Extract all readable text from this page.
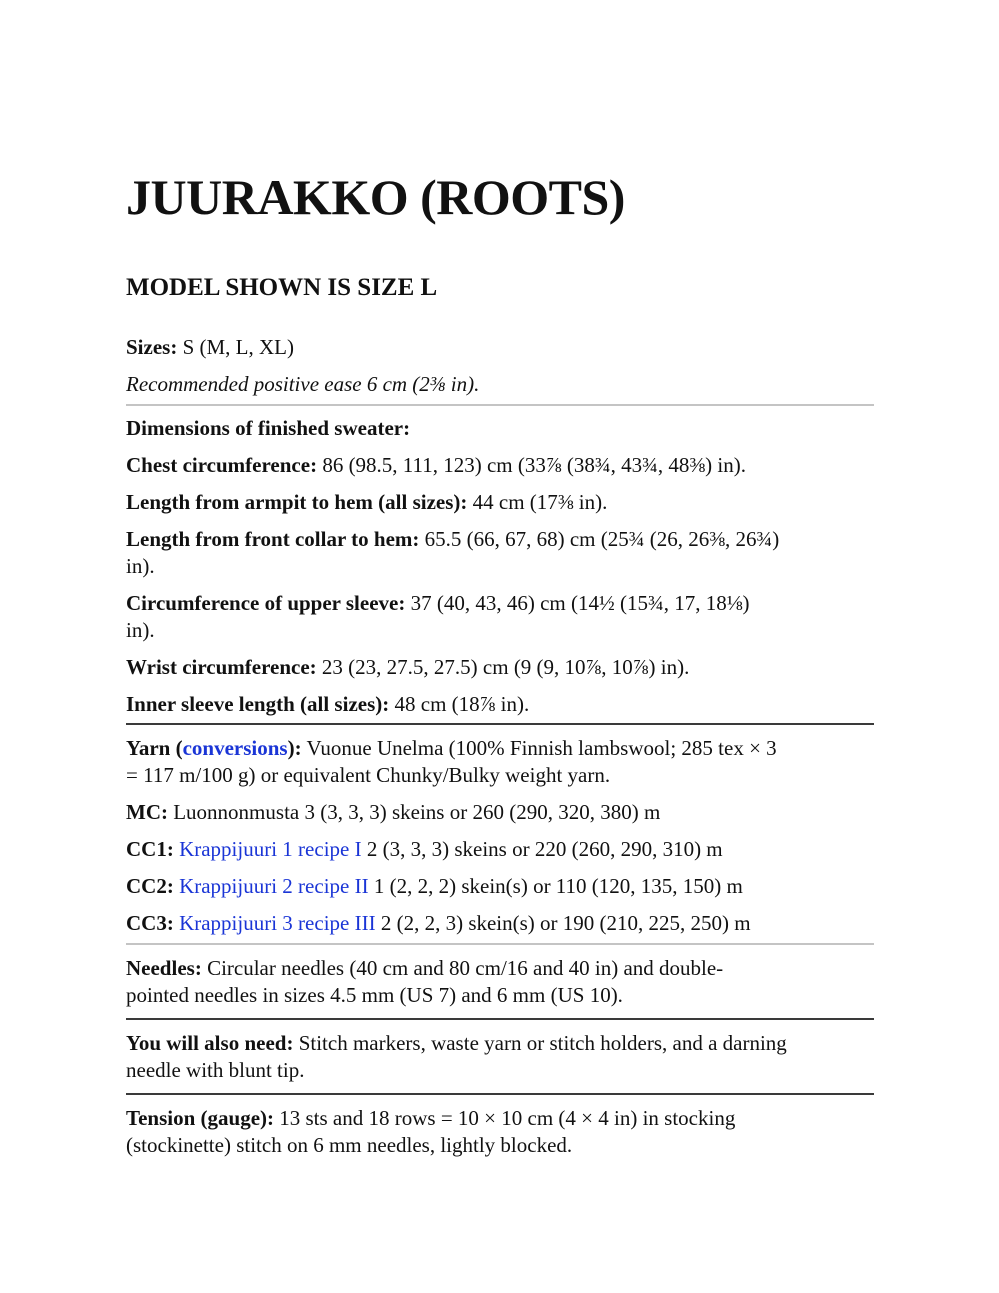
JUURAKKO (ROOTS)
MODEL SHOWN IS SIZE L

Sizes: S (M, L, XL)

Recommended positive ease 6 cm (2⅜ in).

Dimensions of finished sweater:

Chest circumference: 86 (98.5, 111, 123) cm (33⅞ (38¾, 43¾, 48⅜) in).

Length from armpit to hem (all sizes): 44 cm (17⅜ in).

Length from front collar to hem: 65.5 (66, 67, 68) cm (25¾ (26, 26⅜, 26¾)

in).

Circumference of upper sleeve: 37 (40, 43, 46) cm (14½ (15¾, 17, 18⅛)

in).

Wrist circumference: 23 (23, 27.5, 27.5) cm (9 (9, 10⅞, 10⅞) in).

Inner sleeve length (all sizes): 48 cm (18⅞ in).

Yarn (conversions): Vuonue Unelma (100% Finnish lambswool; 285 tex × 3

= 117 m/100 g) or equivalent Chunky/Bulky weight yarn.

MC: Luonnonmusta 3 (3, 3, 3) skeins or 260 (290, 320, 380) m

CC1: Krappijuuri 1 recipe I 2 (3, 3, 3) skeins or 220 (260, 290, 310) m

CC2: Krappijuuri 2 recipe II 1 (2, 2, 2) skein(s) or 110 (120, 135, 150) m

CC3: Krappijuuri 3 recipe III 2 (2, 2, 3) skein(s) or 190 (210, 225, 250) m

Needles: Circular needles (40 cm and 80 cm/16 and 40 in) and double-

pointed needles in sizes 4.5 mm (US 7) and 6 mm (US 10).

You will also need: Stitch markers, waste yarn or stitch holders, and a darning

needle with blunt tip.

Tension (gauge): 13 sts and 18 rows = 10 × 10 cm (4 × 4 in) in stocking

(stockinette) stitch on 6 mm needles, lightly blocked.
